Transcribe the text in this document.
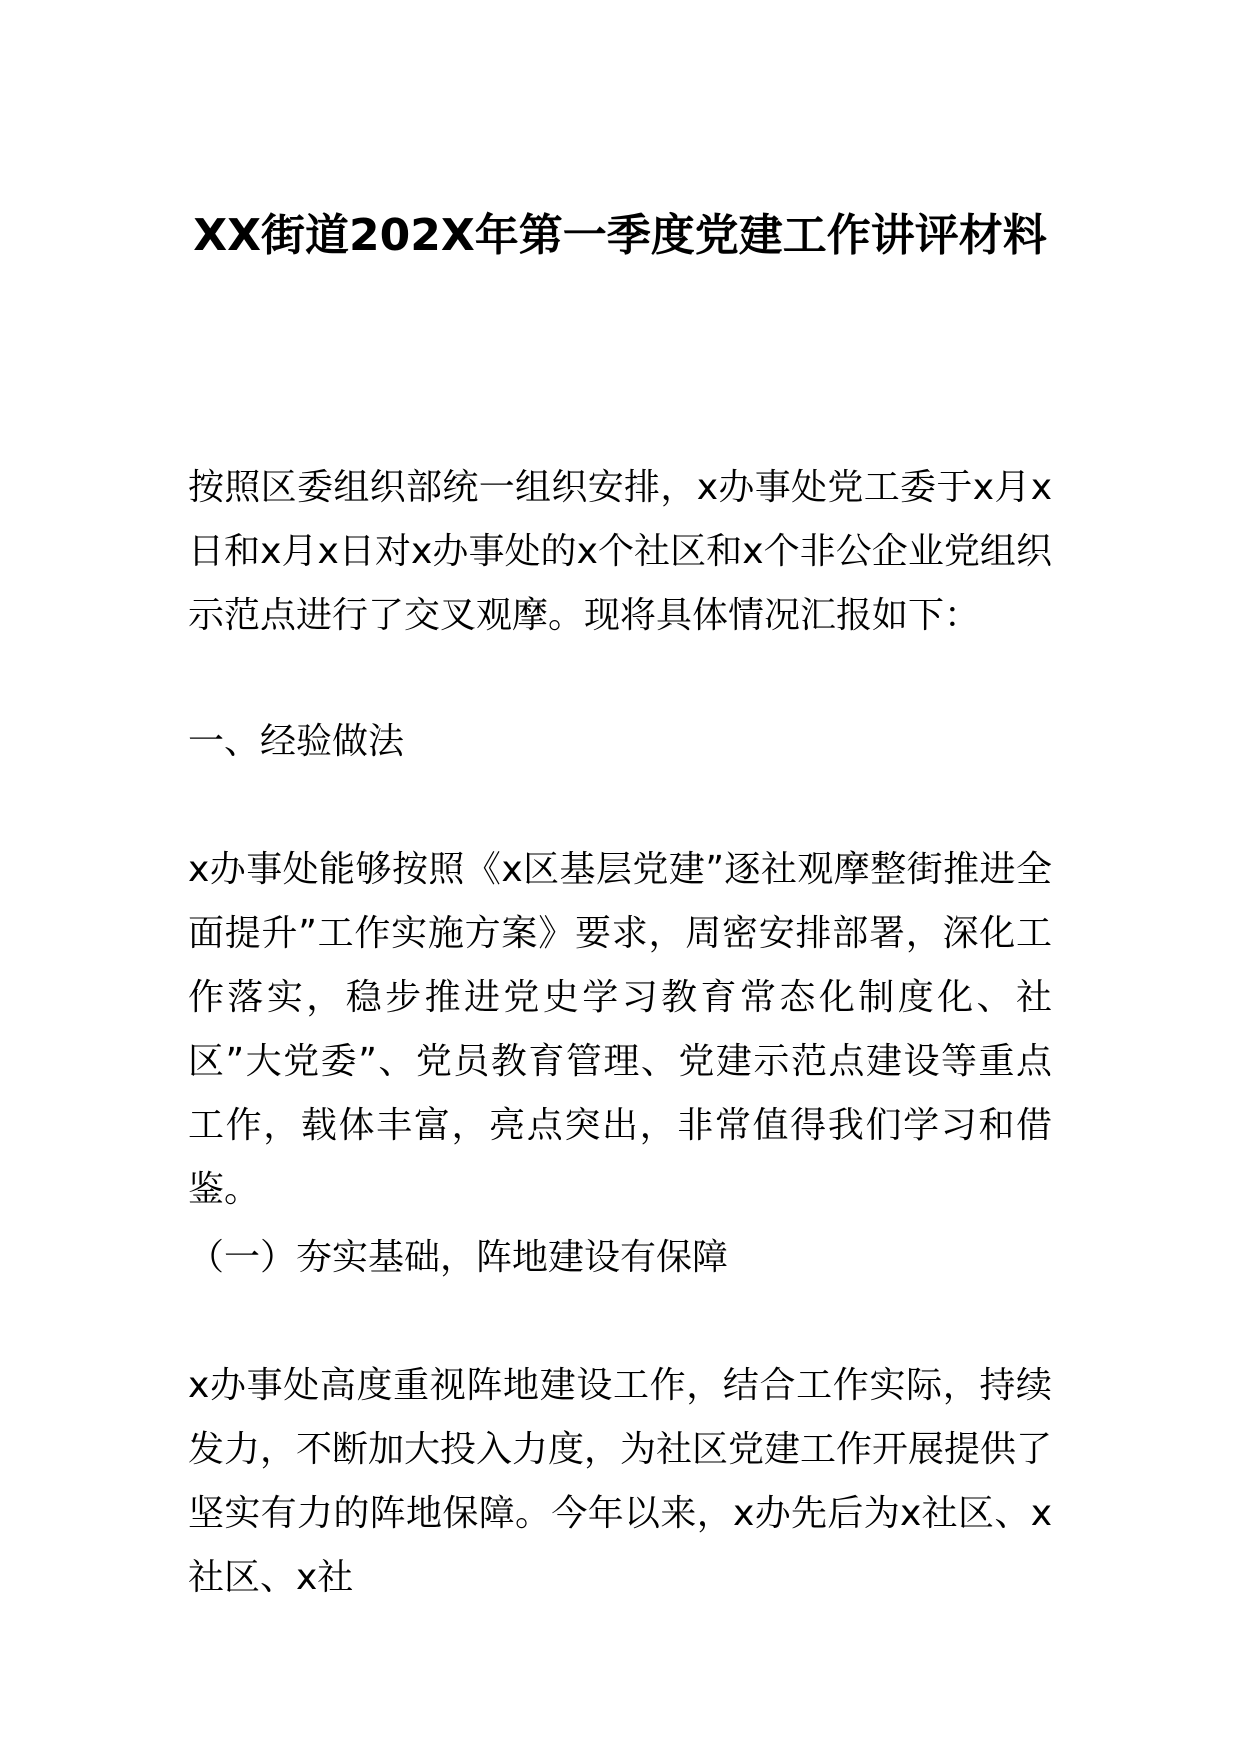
XX街道202X年第一季度党建工作讲评材料

按照区委组织部统一组织安排，x办事处党工委于x月x日和x月x日对x办事处的x个社区和x个非公企业党组织示范点进行了交叉观摩。现将具体情况汇报如下：

一、经验做法

x办事处能够按照《x区基层党建”逐社观摩整街推进全面提升”工作实施方案》要求，周密安排部署，深化工作落实，稳步推进党史学习教育常态化制度化、社区”大党委”、党员教育管理、党建示范点建设等重点工作，载体丰富，亮点突出，非常值得我们学习和借鉴。

（一）夯实基础，阵地建设有保障

x办事处高度重视阵地建设工作，结合工作实际，持续发力，不断加大投入力度，为社区党建工作开展提供了坚实有力的阵地保障。今年以来，x办先后为x社区、x社区、x社
